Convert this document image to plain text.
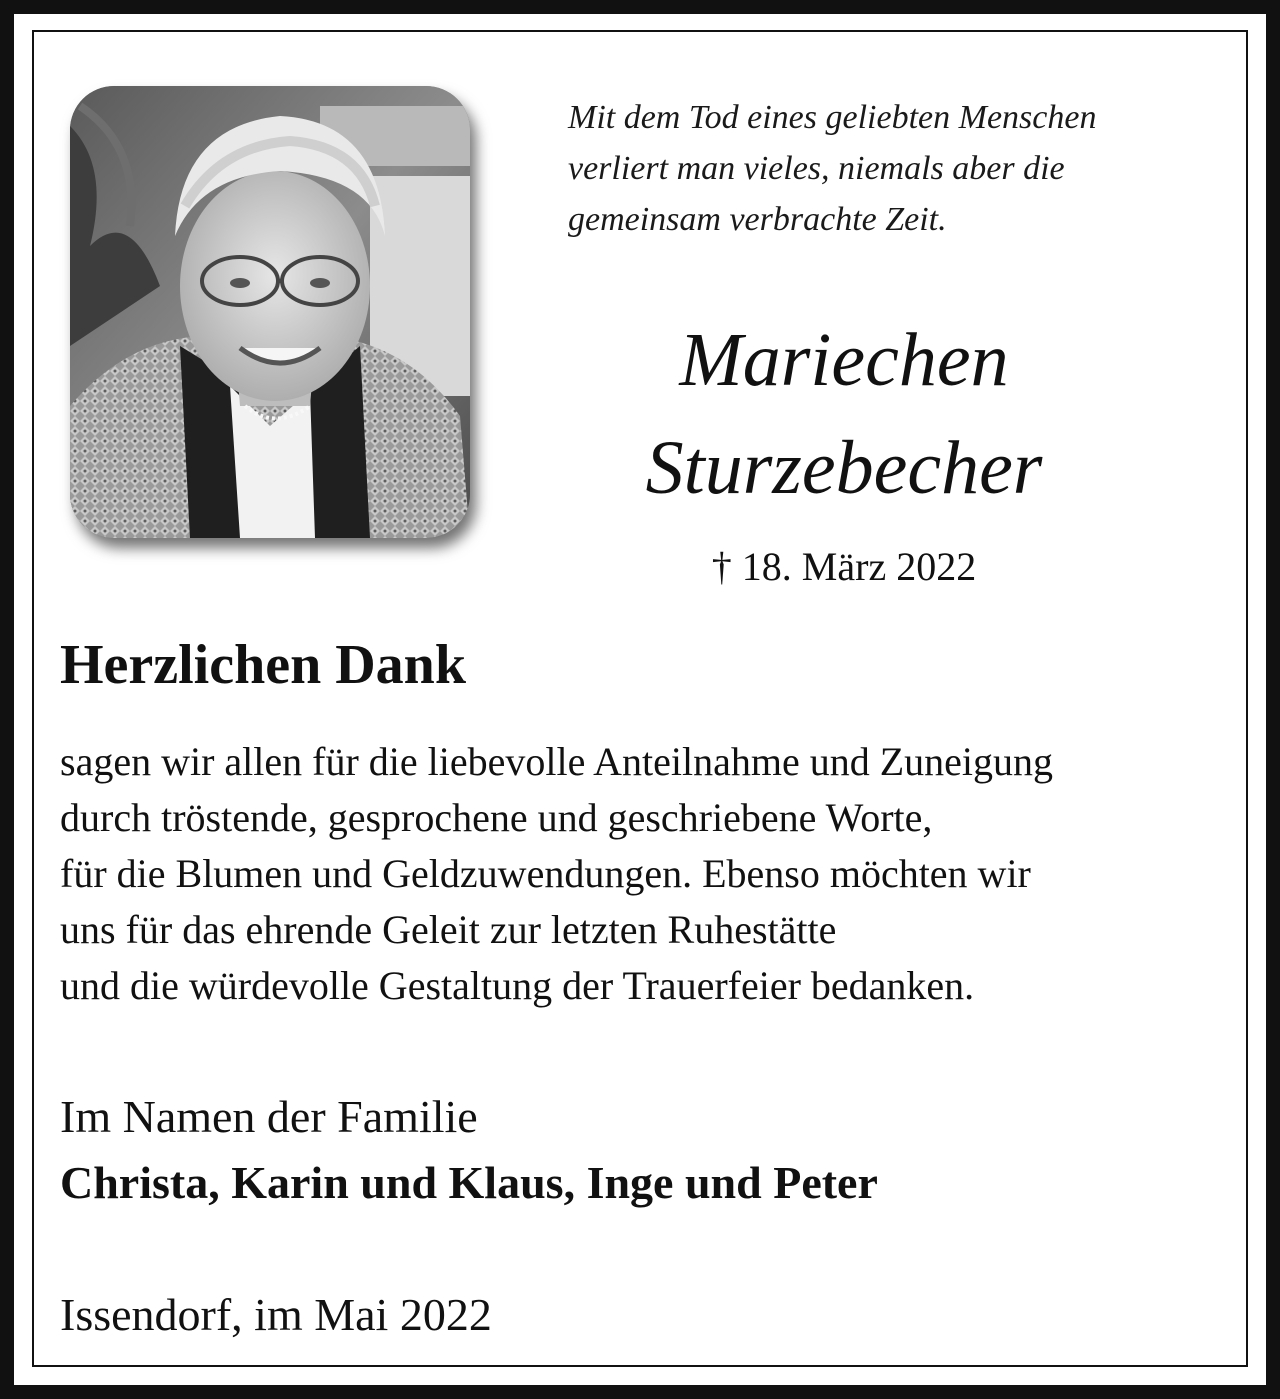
Mit dem Tod eines geliebten Menschen
verliert man vieles, niemals aber die
gemeinsam verbrachte Zeit.
Mariechen
Sturzebecher
† 18. März 2022
Herzlichen Dank
sagen wir allen für die liebevolle Anteilnahme und Zuneigung
durch tröstende, gesprochene und geschriebene Worte,
für die Blumen und Geldzuwendungen. Ebenso möchten wir
uns für das ehrende Geleit zur letzten Ruhestätte
und die würdevolle Gestaltung der Trauerfeier bedanken.
Im Namen der Familie
Christa, Karin und Klaus, Inge und Peter
Issendorf, im Mai 2022
